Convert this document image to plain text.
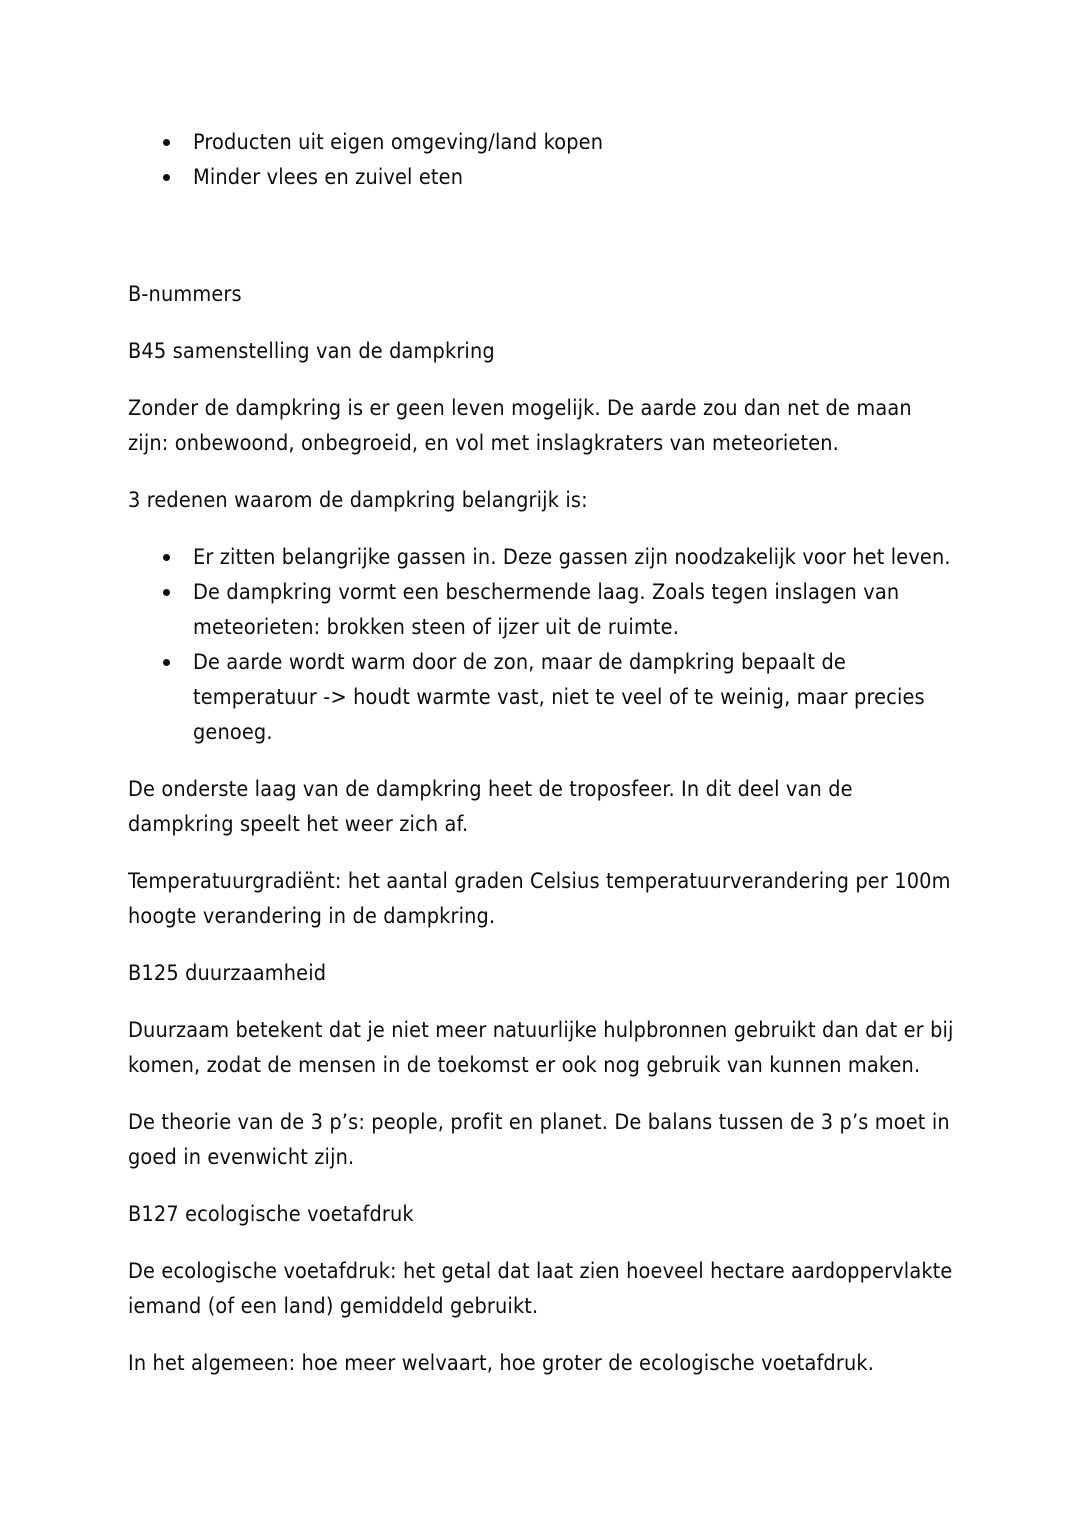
Producten uit eigen omgeving/land kopen
Minder vlees en zuivel eten
B-nummers
B45 samenstelling van de dampkring

Zonder de dampkring is er geen leven mogelijk. De aarde zou dan net de maan zijn: onbewoond, onbegroeid, en vol met inslagkraters van meteorieten.

3 redenen waarom de dampkring belangrijk is:

Er zitten belangrijke gassen in. Deze gassen zijn noodzakelijk voor het leven.
De dampkring vormt een beschermende laag. Zoals tegen inslagen van meteorieten: brokken steen of ijzer uit de ruimte.
De aarde wordt warm door de zon, maar de dampkring bepaalt de temperatuur -> houdt warmte vast, niet te veel of te weinig, maar precies genoeg.

De onderste laag van de dampkring heet de troposfeer. In dit deel van de dampkring speelt het weer zich af.

Temperatuurgradiënt: het aantal graden Celsius temperatuurverandering per 100m hoogte verandering in de dampkring.

B125 duurzaamheid

Duurzaam betekent dat je niet meer natuurlijke hulpbronnen gebruikt dan dat er bij komen, zodat de mensen in de toekomst er ook nog gebruik van kunnen maken.

De theorie van de 3 p’s: people, profit en planet. De balans tussen de 3 p’s moet in goed in evenwicht zijn.

B127 ecologische voetafdruk

De ecologische voetafdruk: het getal dat laat zien hoeveel hectare aardoppervlakte iemand (of een land) gemiddeld gebruikt.

In het algemeen: hoe meer welvaart, hoe groter de ecologische voetafdruk.
